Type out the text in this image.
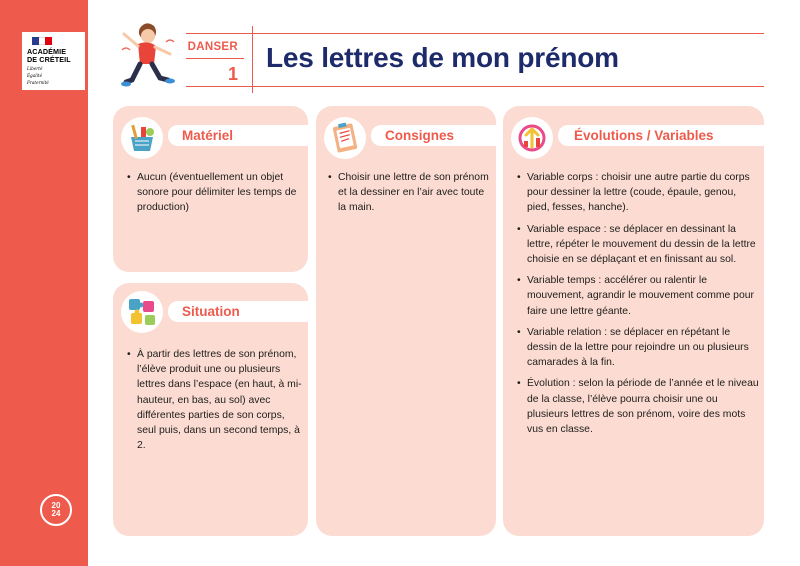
ACADÉMIE
DE CRÉTEIL
Liberté
Égalité
Fraternité
20
24
DANSER
1
Les lettres de mon prénom
Matériel
• Aucun (éventuellement un objet sonore pour délimiter les temps de production)
Situation
• À partir des lettres de son prénom, l’élève produit une ou plusieurs lettres dans l’espace (en haut, à mi-hauteur, en bas, au sol) avec différentes parties de son corps, seul puis, dans un second temps, à 2.
Consignes
• Choisir une lettre de son prénom et la dessiner en l’air avec toute la main.
Évolutions / Variables
• Variable corps : choisir une autre partie du corps pour dessiner la lettre (coude, épaule, genou, pied, fesses, hanche).
• Variable espace : se déplacer en dessinant la lettre, répéter le mouvement du dessin de la lettre choisie en se déplaçant et en finissant au sol.
• Variable temps : accélérer ou ralentir le mouvement, agrandir le mouvement comme pour faire une lettre géante.
• Variable relation : se déplacer en répétant le dessin de la lettre pour rejoindre un ou plusieurs camarades à la fin.
• Évolution : selon la période de l’année et le niveau de la classe, l’élève pourra choisir une ou plusieurs lettres de son prénom, voire des mots vus en classe.
